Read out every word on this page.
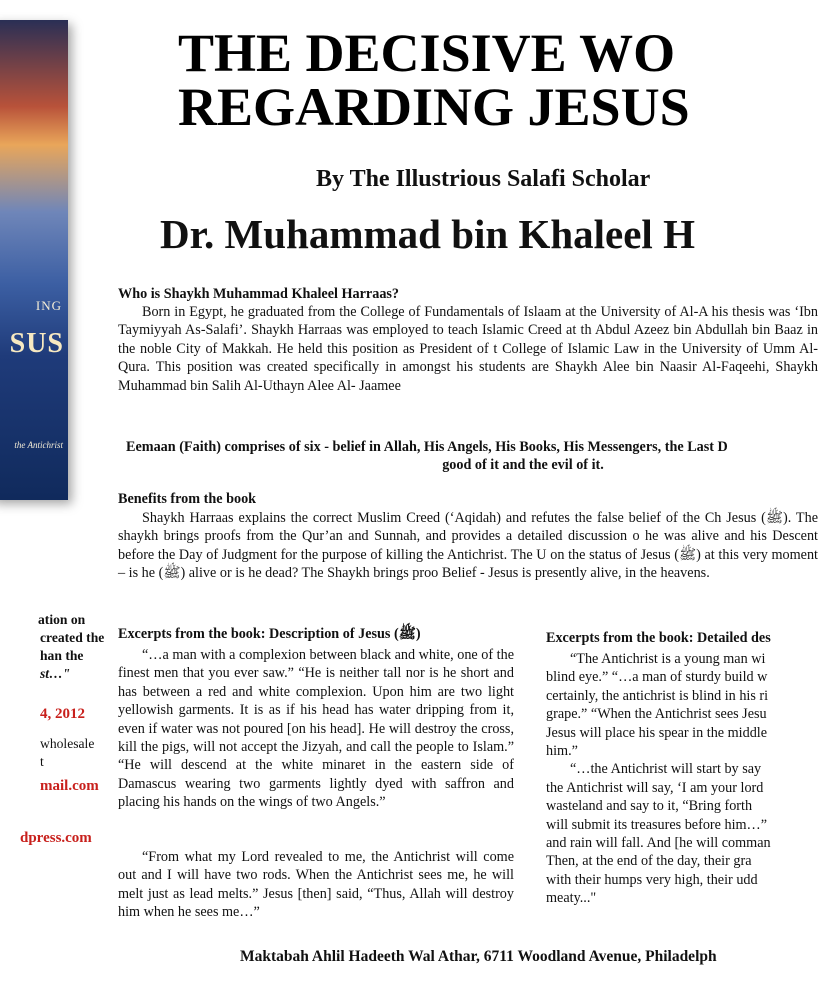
ING
SUS
the Antichrist
THE DECISIVE WO
REGARDING JESUS
By The Illustrious Salafi Scholar
Dr. Muhammad bin Khaleel H
Who is Shaykh Muhammad Khaleel Harraas?
Born in Egypt, he graduated from the College of Fundamentals of Islaam at the University of Al-A his thesis was ‘Ibn Taymiyyah As-Salafi’. Shaykh Harraas was employed to teach Islamic Creed at th Abdul Azeez bin Abdullah bin Baaz in the noble City of Makkah. He held this position as President of t College of Islamic Law in the University of Umm Al-Qura. This position was created specifically in amongst his students are Shaykh Alee bin Naasir Al-Faqeehi, Shaykh Muhammad bin Salih Al-Uthayn Alee Al- Jaamee
Eemaan (Faith) comprises of six - belief in Allah, His Angels, His Books, His Messengers, the Last D
good of it and the evil of it.
Benefits from the book
Shaykh Harraas explains the correct Muslim Creed (‘Aqidah) and refutes the false belief of the Ch Jesus (ﷺ). The shaykh brings proofs from the Qur’an and Sunnah, and provides a detailed discussion o he was alive and his Descent before the Day of Judgment for the purpose of killing the Antichrist. The U on the status of Jesus (ﷺ) at this very moment – is he (ﷺ) alive or is he dead? The Shaykh brings proo Belief - Jesus is presently alive, in the heavens.
ation on
created the
han the
st…"
4, 2012
wholesale
t
mail.com
dpress.com
Excerpts from the book: Description of Jesus (ﷺ)
“…a man with a complexion between black and white, one of the finest men that you ever saw.” “He is neither tall nor is he short and has between a red and white complexion. Upon him are two light yellowish garments. It is as if his head has water dripping from it, even if water was not poured [on his head]. He will destroy the cross, kill the pigs, will not accept the Jizyah, and call the people to Islam.” “He will descend at the white minaret in the eastern side of Damascus wearing two garments lightly dyed with saffron and placing his hands on the wings of two Angels.”
“From what my Lord revealed to me, the Antichrist will come out and I will have two rods. When the Antichrist sees me, he will melt just as lead melts.” Jesus [then] said, “Thus, Allah will destroy him when he sees me…”
Excerpts from the book: Detailed des
“The Antichrist is a young man wi
blind eye.” “…a man of sturdy build w
certainly, the antichrist is blind in his ri
grape.” “When the Antichrist sees Jesu
Jesus will place his spear in the middle
him.”
“…the Antichrist will start by say
the Antichrist will say, ‘I am your lord
wasteland and say to it, “Bring forth
will submit its treasures before him…”
and rain will fall. And [he will comman
Then, at the end of the day, their gra
with their humps very high, their udd
meaty..."
Maktabah Ahlil Hadeeth Wal Athar, 6711 Woodland Avenue, Philadelph
